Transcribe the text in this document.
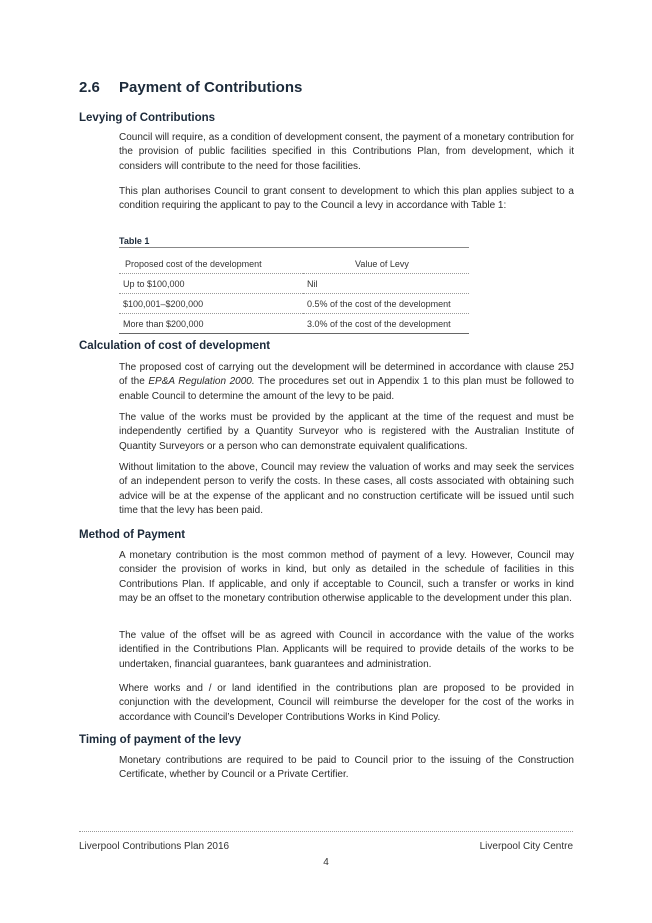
2.6 Payment of Contributions
Levying of Contributions

Council will require, as a condition of development consent, the payment of a monetary contribution for the provision of public facilities specified in this Contributions Plan, from development, which it considers will contribute to the need for those facilities.

This plan authorises Council to grant consent to development to which this plan applies subject to a condition requiring the applicant to pay to the Council a levy in accordance with Table 1:

Table 1
Proposed cost of the development	Value of Levy
Up to $100,000	Nil
$100,001–$200,000	0.5% of the cost of the development
More than $200,000	3.0% of the cost of the development
Calculation of cost of development

The proposed cost of carrying out the development will be determined in accordance with clause 25J of the EP&A Regulation 2000. The procedures set out in Appendix 1 to this plan must be followed to enable Council to determine the amount of the levy to be paid.

The value of the works must be provided by the applicant at the time of the request and must be independently certified by a Quantity Surveyor who is registered with the Australian Institute of Quantity Surveyors or a person who can demonstrate equivalent qualifications.

Without limitation to the above, Council may review the valuation of works and may seek the services of an independent person to verify the costs. In these cases, all costs associated with obtaining such advice will be at the expense of the applicant and no construction certificate will be issued until such time that the levy has been paid.

Method of Payment

A monetary contribution is the most common method of payment of a levy. However, Council may consider the provision of works in kind, but only as detailed in the schedule of facilities in this Contributions Plan. If applicable, and only if acceptable to Council, such a transfer or works in kind may be an offset to the monetary contribution otherwise applicable to the development under this plan.

The value of the offset will be as agreed with Council in accordance with the value of the works identified in the Contributions Plan. Applicants will be required to provide details of the works to be undertaken, financial guarantees, bank guarantees and administration.

Where works and / or land identified in the contributions plan are proposed to be provided in conjunction with the development, Council will reimburse the developer for the cost of the works in accordance with Council’s Developer Contributions Works in Kind Policy.

Timing of payment of the levy

Monetary contributions are required to be paid to Council prior to the issuing of the Construction Certificate, whether by Council or a Private Certifier.

Liverpool Contributions Plan 2016	Liverpool City Centre
4
